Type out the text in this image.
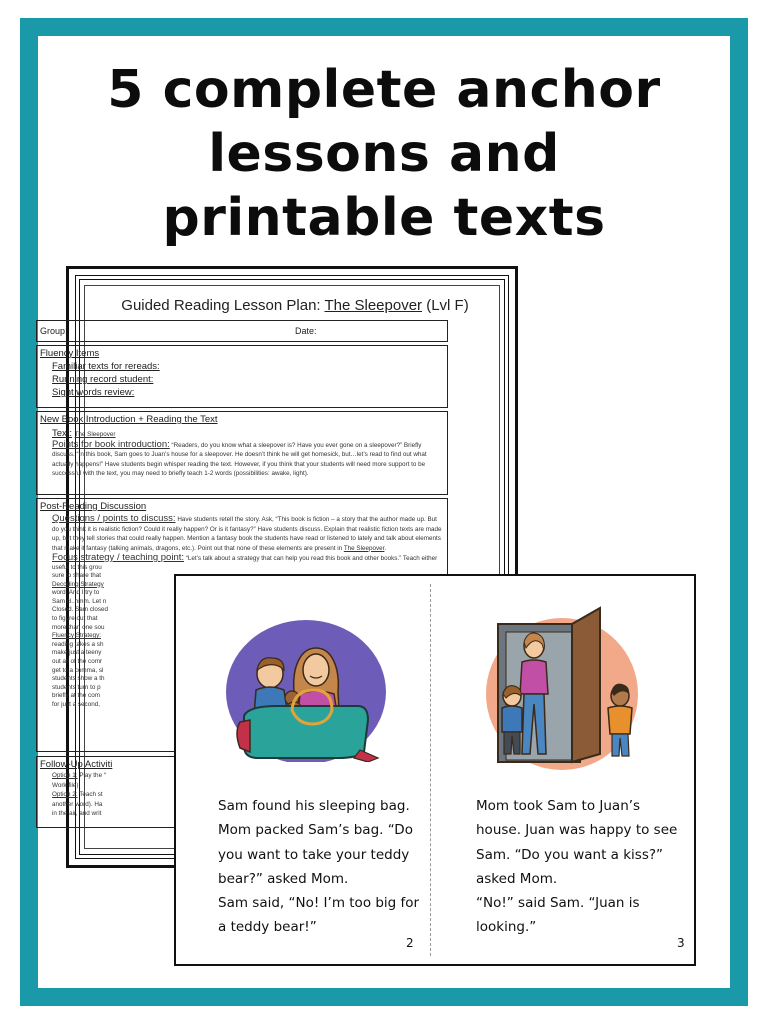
5 complete anchor
lessons and
printable texts
Guided Reading Lesson Plan: The Sleepover (Lvl F)
Group:	Date:
Fluency Items
Familiar texts for rereads:
Running record student:
Sight words review:
New Book Introduction + Reading the Text
Text: The Sleepover
Points for book introduction: “Readers, do you know what a sleepover is? Have you ever gone on a sleepover?” Briefly discuss. “In this book, Sam goes to Juan’s house for a sleepover. He doesn’t think he will get homesick, but…let’s read to find out what actually happens!” Have students begin whisper reading the text. However, if you think that your students will need more support to be successful with the text, you may need to briefly teach 1-2 words (possibilities: awake, light).
Post-Reading Discussion
Questions / points to discuss: Have students retell the story. Ask, “This book is fiction – a story that the author made up. But do you think it is realistic fiction? Could it really happen? Or is it fantasy?” Have students discuss. Explain that realistic fiction texts are made up, but they tell stories that could really happen. Mention a fantasy book the students have read or listened to lately and talk about elements that make it fantasy (talking animals, dragons, etc.). Point out that none of these elements are present in The Sleepover.
Focus strategy / teaching point: “Let’s talk about a strategy that can help you read this book and other books.” Teach either
useful to this grou
sure to share that
Decoding Strategy
word. And I try to
Sam cl..hmm. Let n
Closed. Sam closed
to figure out that
more than one sou
Fluency Strategy:
reading takes a sh
make just a teeny
out all of the comr
get to a comma, sl
students show a th
students turn to p
briefly at the com
for just a second,
Follow-Up Activiti
Option 1: Play the “
Work file)
Option 2: Teach st
another word). Ha
in the air, and writ	Sam found his sleeping bag.
Mom packed Sam’s bag. “Do
you want to take your teddy
bear?” asked Mom.
Sam said, “No! I’m too big for
a teddy bear!”
2
Mom took Sam to Juan’s
house. Juan was happy to see
Sam. “Do you want a kiss?”
asked Mom.
“No!” said Sam. “Juan is
looking.”
3
